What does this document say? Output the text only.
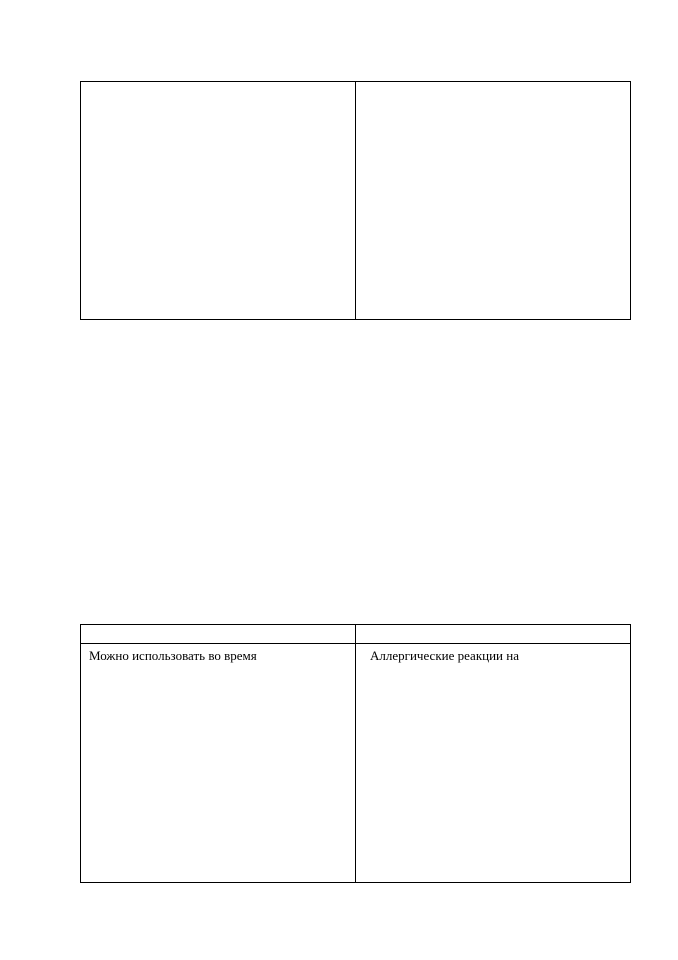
Можно использовать во время	Аллергические реакции на
